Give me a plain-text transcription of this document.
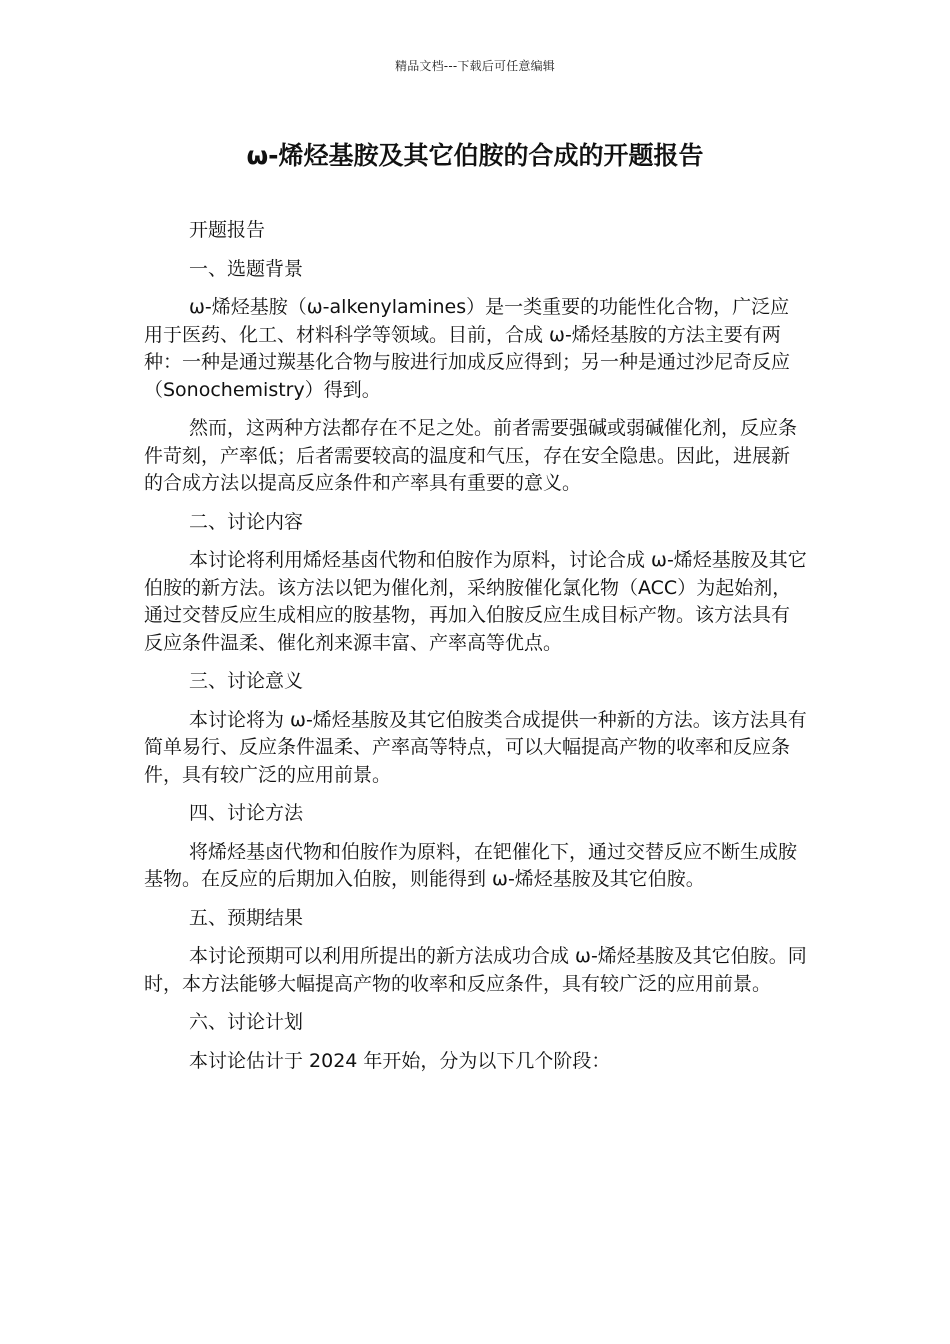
精品文档---下载后可任意编辑
ω-烯烃基胺及其它伯胺的合成的开题报告
开题报告
一、选题背景
ω-烯烃基胺（ω-alkenylamines）是一类重要的功能性化合物，广泛应用于医药、化工、材料科学等领域。目前，合成 ω-烯烃基胺的方法主要有两种：一种是通过羰基化合物与胺进行加成反应得到；另一种是通过沙尼奇反应（Sonochemistry）得到。
然而，这两种方法都存在不足之处。前者需要强碱或弱碱催化剂，反应条件苛刻，产率低；后者需要较高的温度和气压，存在安全隐患。因此，进展新的合成方法以提高反应条件和产率具有重要的意义。
二、讨论内容
本讨论将利用烯烃基卤代物和伯胺作为原料，讨论合成 ω-烯烃基胺及其它伯胺的新方法。该方法以钯为催化剂，采纳胺催化氯化物（ACC）为起始剂，通过交替反应生成相应的胺基物，再加入伯胺反应生成目标产物。该方法具有反应条件温柔、催化剂来源丰富、产率高等优点。
三、讨论意义
本讨论将为 ω-烯烃基胺及其它伯胺类合成提供一种新的方法。该方法具有简单易行、反应条件温柔、产率高等特点，可以大幅提高产物的收率和反应条件，具有较广泛的应用前景。
四、讨论方法
将烯烃基卤代物和伯胺作为原料，在钯催化下，通过交替反应不断生成胺基物。在反应的后期加入伯胺，则能得到 ω-烯烃基胺及其它伯胺。
五、预期结果
本讨论预期可以利用所提出的新方法成功合成 ω-烯烃基胺及其它伯胺。同时，本方法能够大幅提高产物的收率和反应条件，具有较广泛的应用前景。
六、讨论计划
本讨论估计于 2024 年开始，分为以下几个阶段：
